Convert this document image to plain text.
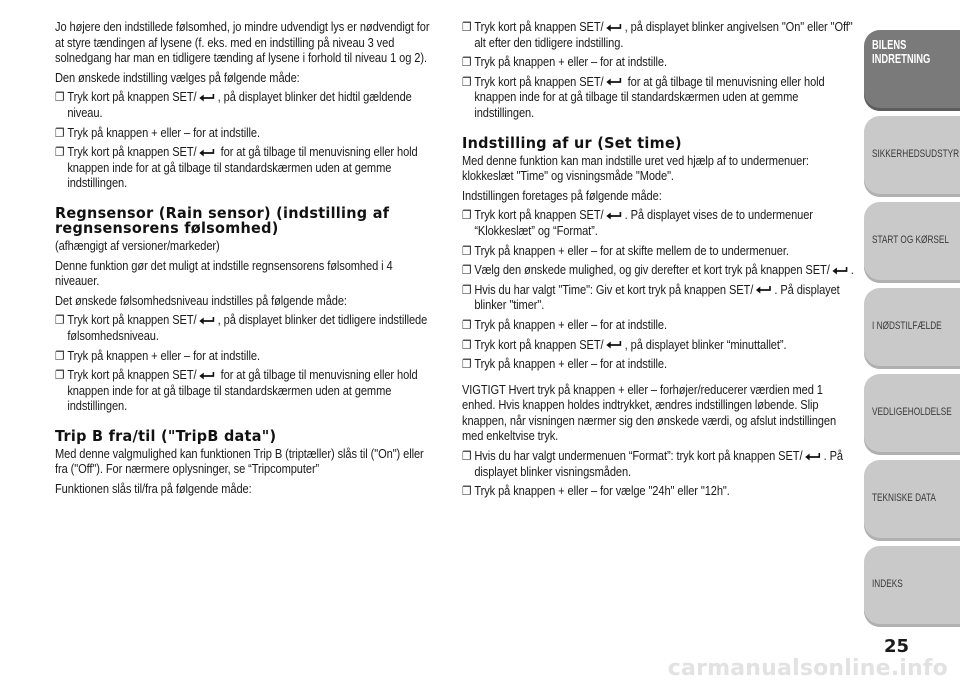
Jo højere den indstillede følsomhed, jo mindre udvendigt lys er nødvendigt for at styre tændingen af lysene (f. eks. med en indstilling på niveau 3 ved solnedgang har man en tidligere tænding af lysene i forhold til niveau 1 og 2).

Den ønskede indstilling vælges på følgende måde:

❐ Tryk kort på knappen SET/ , på displayet blinker det hidtil gældende niveau.
❐ Tryk på knappen + eller – for at indstille.
❐ Tryk kort på knappen SET/ for at gå tilbage til menuvisning eller hold knappen inde for at gå tilbage til standardskærmen uden at gemme indstillingen.
Regnsensor (Rain sensor) (indstilling af regnsensorens følsomhed)

(afhængigt af versioner/markeder)

Denne funktion gør det muligt at indstille regnsensorens følsomhed i 4 niveauer.

Det ønskede følsomhedsniveau indstilles på følgende måde:

❐ Tryk kort på knappen SET/ , på displayet blinker det tidligere indstillede følsomhedsniveau.
❐ Tryk på knappen + eller – for at indstille.
❐ Tryk kort på knappen SET/ for at gå tilbage til menuvisning eller hold knappen inde for at gå tilbage til standardskærmen uden at gemme indstillingen.
Trip B fra/til ("TripB data")

Med denne valgmulighed kan funktionen Trip B (triptæller) slås til ("On") eller fra ("Off"). For nærmere oplysninger, se “Tripcomputer”

Funktionen slås til/fra på følgende måde:

❐ Tryk kort på knappen SET/ , på displayet blinker angivelsen "On" eller "Off" alt efter den tidligere indstilling.
❐ Tryk på knappen + eller – for at indstille.
❐ Tryk kort på knappen SET/ for at gå tilbage til menuvisning eller hold knappen inde for at gå tilbage til standardskærmen uden at gemme indstillingen.
Indstilling af ur (Set time)

Med denne funktion kan man indstille uret ved hjælp af to undermenuer: klokkeslæt "Time" og visningsmåde "Mode".

Indstillingen foretages på følgende måde:

❐ Tryk kort på knappen SET/ . På displayet vises de to undermenuer “Klokkeslæt” og “Format”.
❐ Tryk på knappen + eller – for at skifte mellem de to undermenuer.
❐ Vælg den ønskede mulighed, og giv derefter et kort tryk på knappen SET/ .
❐ Hvis du har valgt "Time": Giv et kort tryk på knappen SET/ . På displayet blinker "timer".
❐ Tryk på knappen + eller – for at indstille.
❐ Tryk kort på knappen SET/ , på displayet blinker “minuttallet”.
❐ Tryk på knappen + eller – for at indstille.

VIGTIGT Hvert tryk på knappen + eller – forhøjer/reducerer værdien med 1 enhed. Hvis knappen holdes indtrykket, ændres indstillingen løbende. Slip knappen, når visningen nærmer sig den ønskede værdi, og afslut indstillingen med enkeltvise tryk.

❐ Hvis du har valgt undermenuen “Format”: tryk kort på knappen SET/ . På displayet blinker visningsmåden.
❐ Tryk på knappen + eller – for vælge "24h" eller "12h".
BILENS INDRETNING
SIKKERHEDSUDSTYR
START OG KØRSEL
I NØDSTILFÆLDE
VEDLIGEHOLDELSE
TEKNISKE DATA
INDEKS
25
carmanualsonline.info
